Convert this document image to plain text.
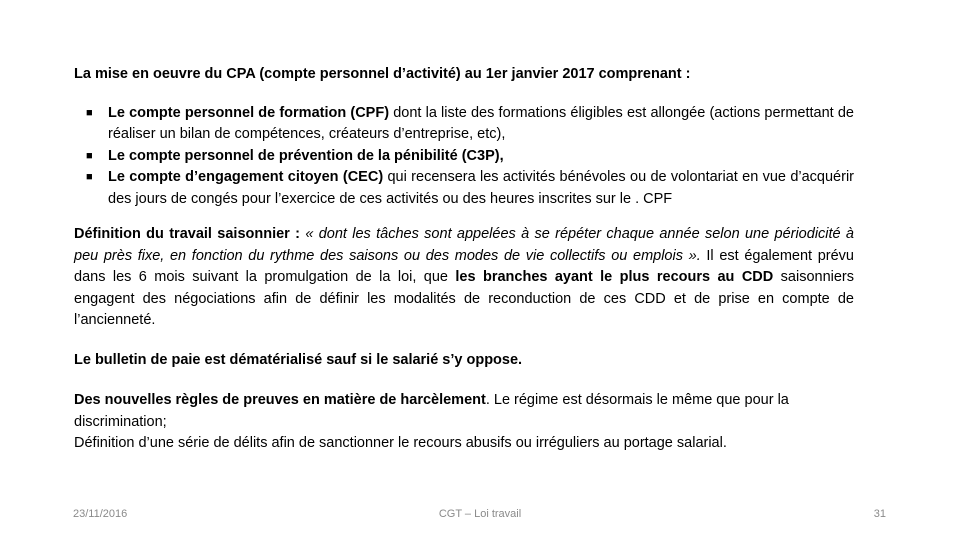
La mise en oeuvre du CPA (compte personnel d’activité) au 1er janvier 2017 comprenant :

■ Le compte personnel de formation (CPF) dont la liste des formations éligibles est allongée (actions permettant de réaliser un bilan de compétences, créateurs d’entreprise, etc),
■ Le compte personnel de prévention de la pénibilité (C3P),
■ Le compte d’engagement citoyen (CEC) qui recensera les activités bénévoles ou de volontariat en vue d’acquérir des jours de congés pour l’exercice de ces activités ou des heures inscrites sur le . CPF

Définition du travail saisonnier : « dont les tâches sont appelées à se répéter chaque année selon une périodicité à peu près fixe, en fonction du rythme des saisons ou des modes de vie collectifs ou emplois ». Il est également prévu dans les 6 mois suivant la promulgation de la loi, que les branches ayant le plus recours au CDD saisonniers engagent des négociations afin de définir les modalités de reconduction de ces CDD et de prise en compte de l’ancienneté.

Le bulletin de paie est dématérialisé sauf si le salarié s’y oppose.

Des nouvelles règles de preuves en matière de harcèlement. Le régime est désormais le même que pour la discrimination;

Définition d’une série de délits afin de sanctionner le recours abusifs ou irréguliers au portage salarial.

23/11/2016	CGT – Loi travail	31
